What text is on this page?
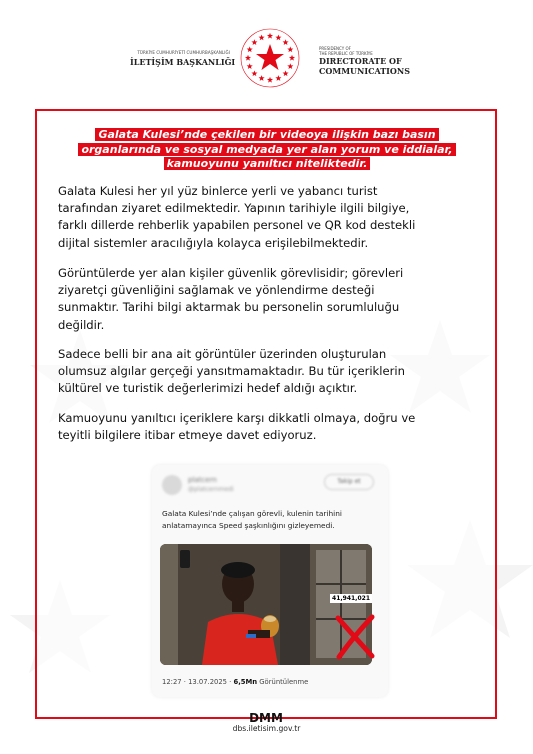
TÜRKİYE CUMHURİYETİ CUMHURBAŞKANLIĞI
İLETİŞİM BAŞKANLIĞI
PRESIDENCY OF
THE REPUBLIC OF TÜRKİYE
DIRECTORATE OF
COMMUNICATIONS
Galata Kulesi’nde çekilen bir videoya ilişkin bazı basın
organlarında ve sosyal medyada yer alan yorum ve iddialar,
kamuoyunu yanıltıcı niteliktedir.
Galata Kulesi her yıl yüz binlerce yerli ve yabancı turist
tarafından ziyaret edilmektedir. Yapının tarihiyle ilgili bilgiye,
farklı dillerde rehberlik yapabilen personel ve QR kod destekli
dijital sistemler aracılığıyla kolayca erişilebilmektedir.
Görüntülerde yer alan kişiler güvenlik görevlisidir; görevleri
ziyaretçi güvenliğini sağlamak ve yönlendirme desteği
sunmaktır. Tarihi bilgi aktarmak bu personelin sorumluluğu
değildir.
Sadece belli bir ana ait görüntüler üzerinden oluşturulan
olumsuz algılar gerçeği yansıtmamaktadır. Bu tür içeriklerin
kültürel ve turistik değerlerimizi hedef aldığı açıktır.
Kamuoyunu yanıltıcı içeriklere karşı dikkatli olmaya, doğru ve
teyitli bilgilere itibar etmeye davet ediyoruz.
platcern
@platcernmedi
Takip et
Galata Kulesi’nde çalışan görevli, kulenin tarihini
anlatamayınca Speed şaşkınlığını gizleyemedi.
41,941,021
12:27 · 13.07.2025 · 6,5Mn Görüntülenme
DMM
dbs.iletisim.gov.tr
